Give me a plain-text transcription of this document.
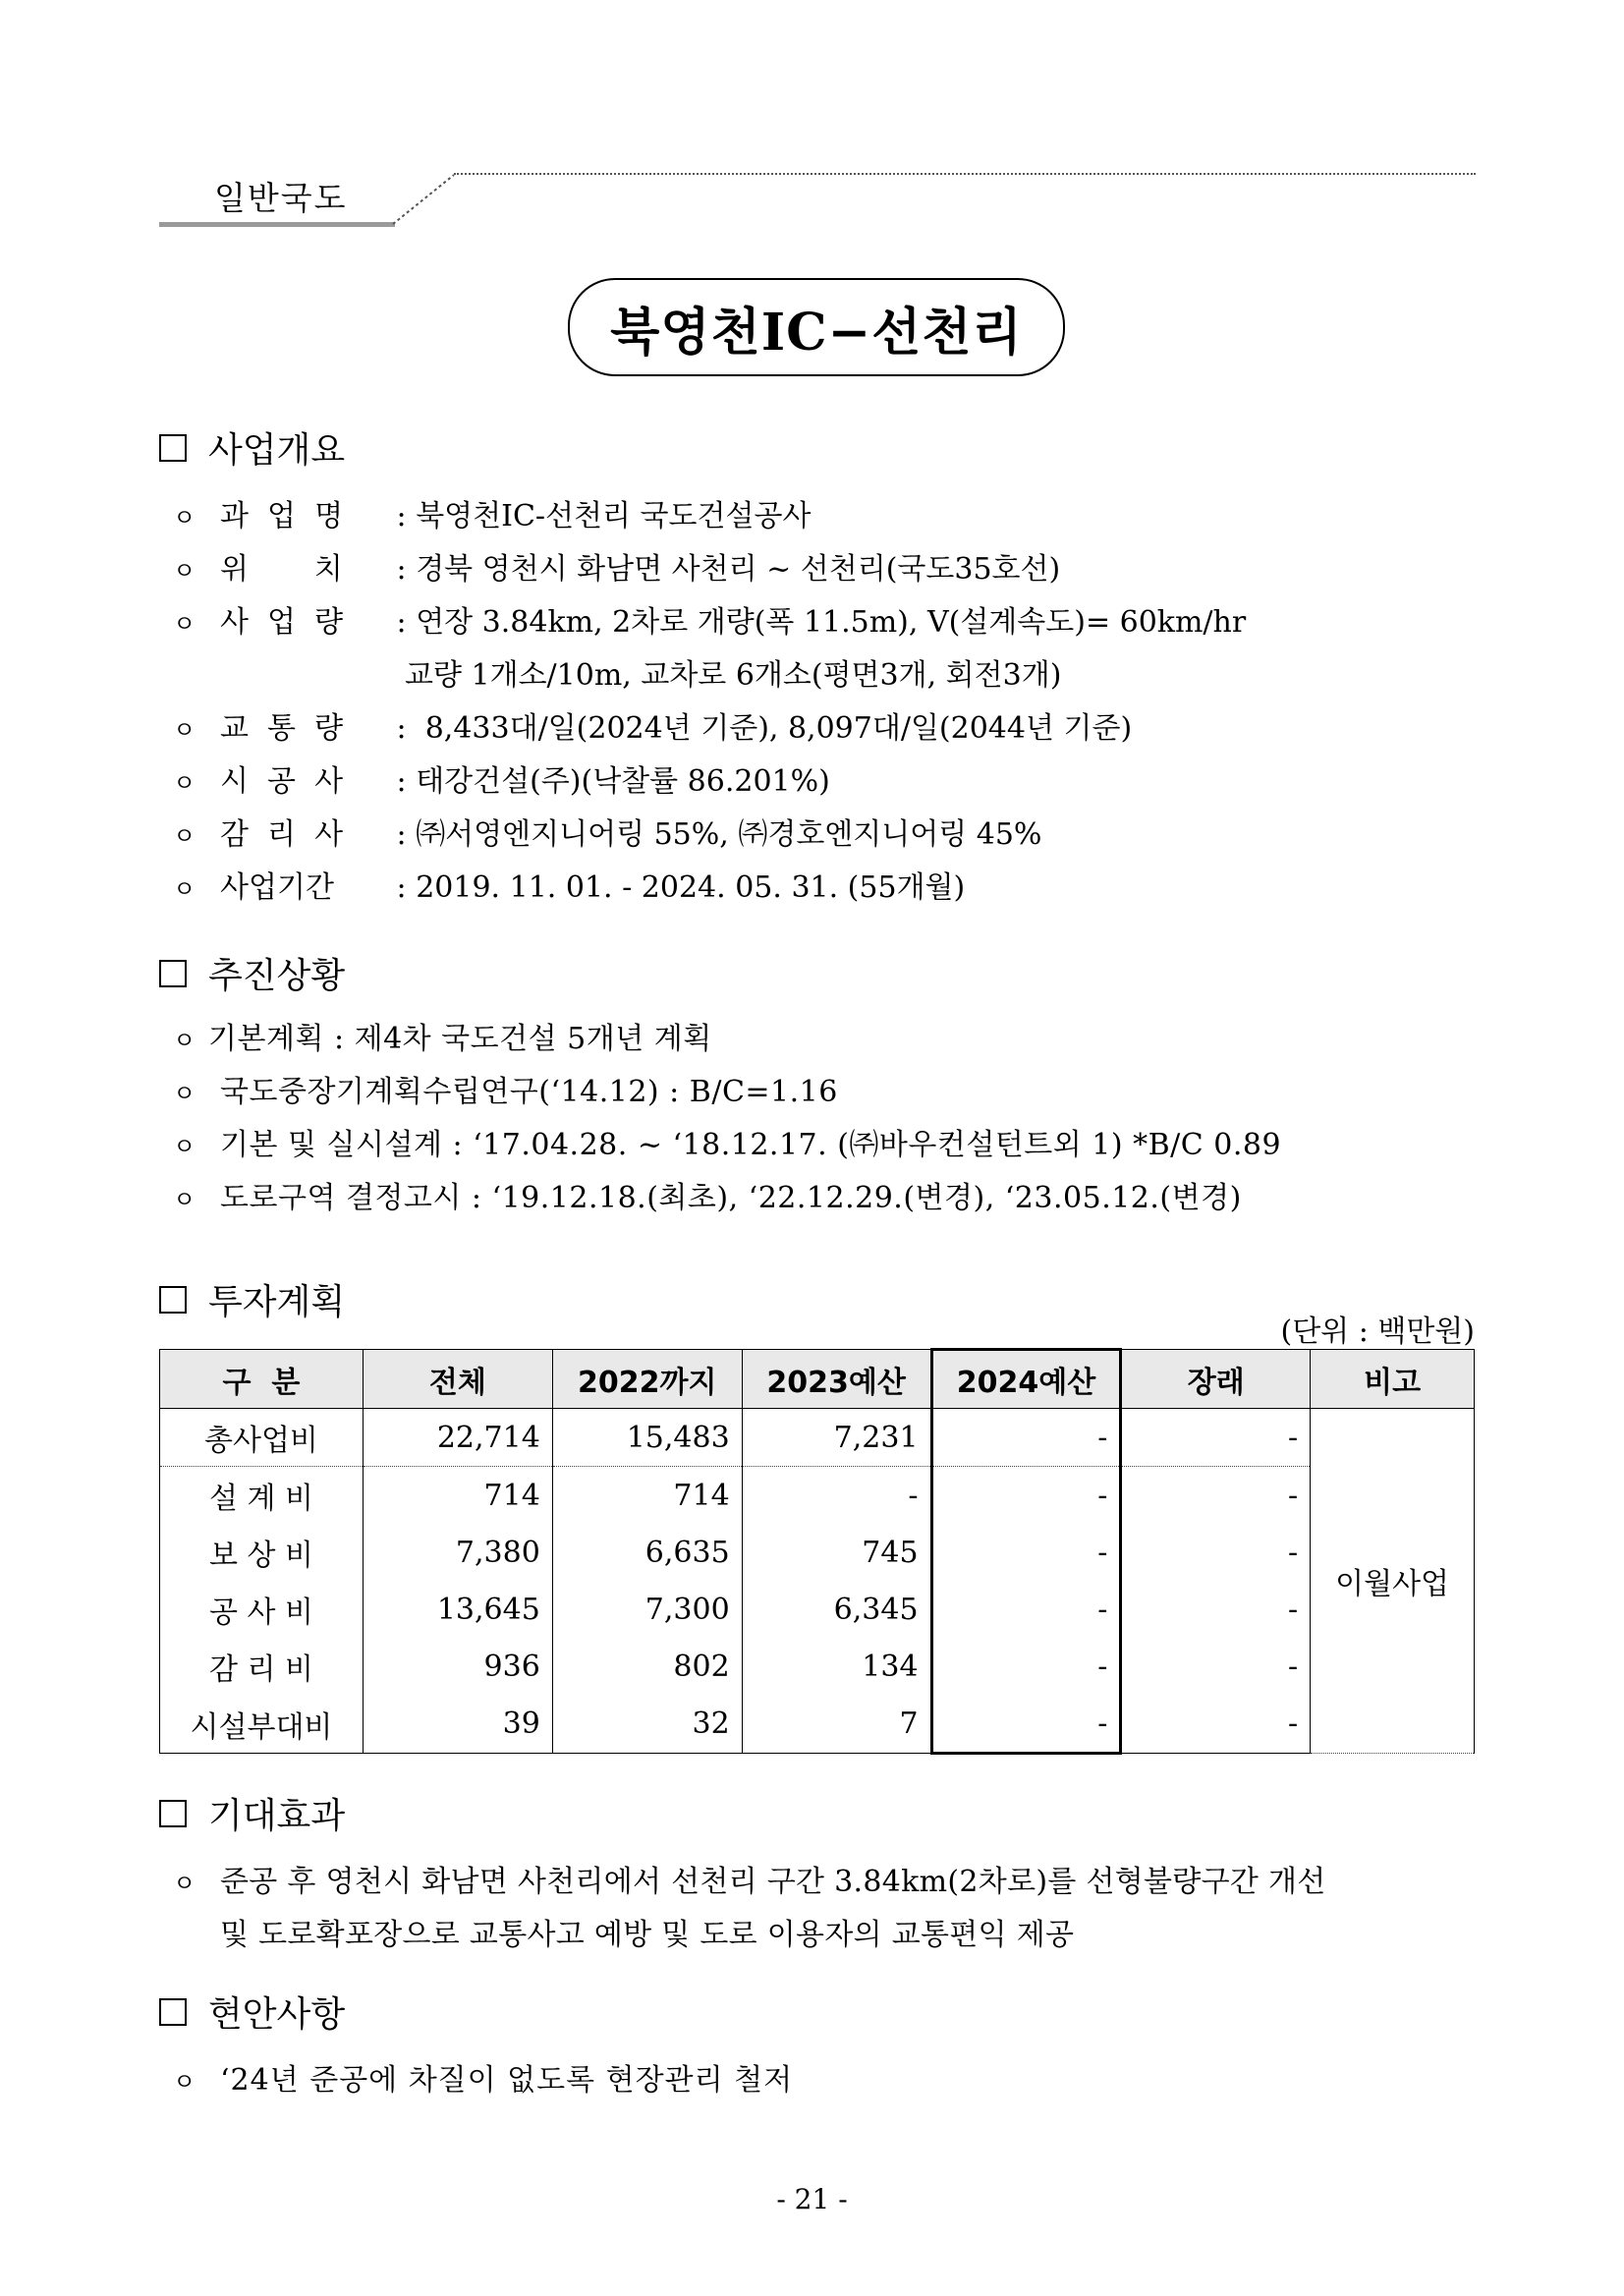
일반국도
북영천IC−선천리
사업개요
ㅇ 과  업  명	: 북영천IC-선천리 국도건설공사
ㅇ 위       치	: 경북 영천시 화남면 사천리 ~ 선천리(국도35호선)
ㅇ 사  업  량	: 연장 3.84km, 2차로 개량(폭 11.5m), V(설계속도)= 60km/hr
교량 1개소/10m, 교차로 6개소(평면3개, 회전3개)
ㅇ 교  통  량	: 8,433대/일(2024년 기준), 8,097대/일(2044년 기준)
ㅇ 시  공  사	: 태강건설(주)(낙찰률 86.201%)
ㅇ 감  리  사	: ㈜서영엔지니어링 55%, ㈜경호엔지니어링 45%
ㅇ 사업기간	: 2019. 11. 01. - 2024. 05. 31. (55개월)
추진상황
ㅇ 기본계획 : 제4차 국도건설 5개년 계획
ㅇ 국도중장기계획수립연구(‘14.12) : B/C=1.16
ㅇ 기본 및 실시설계 : ‘17.04.28. ~ ‘18.12.17. (㈜바우컨설턴트외 1) *B/C 0.89
ㅇ 도로구역 결정고시 : ‘19.12.18.(최초), ‘22.12.29.(변경), ‘23.05.12.(변경)
투자계획
(단위 : 백만원)
구  분	전체	2022까지	2023예산	2024예산	장래	비고
총사업비	22,714	15,483	7,231	-	-	이월사업
설 계 비	714	714	-	-	-	
보 상 비	7,380	6,635	745	-	-	
공 사 비	13,645	7,300	6,345	-	-	
감 리 비	936	802	134	-	-	
시설부대비	39	32	7	-	-	
기대효과
ㅇ 준공 후 영천시 화남면 사천리에서 선천리 구간 3.84km(2차로)를 선형불량구간 개선
및 도로확포장으로 교통사고 예방 및 도로 이용자의 교통편익 제공
현안사항
ㅇ ‘24년 준공에 차질이 없도록 현장관리 철저
- 21 -
